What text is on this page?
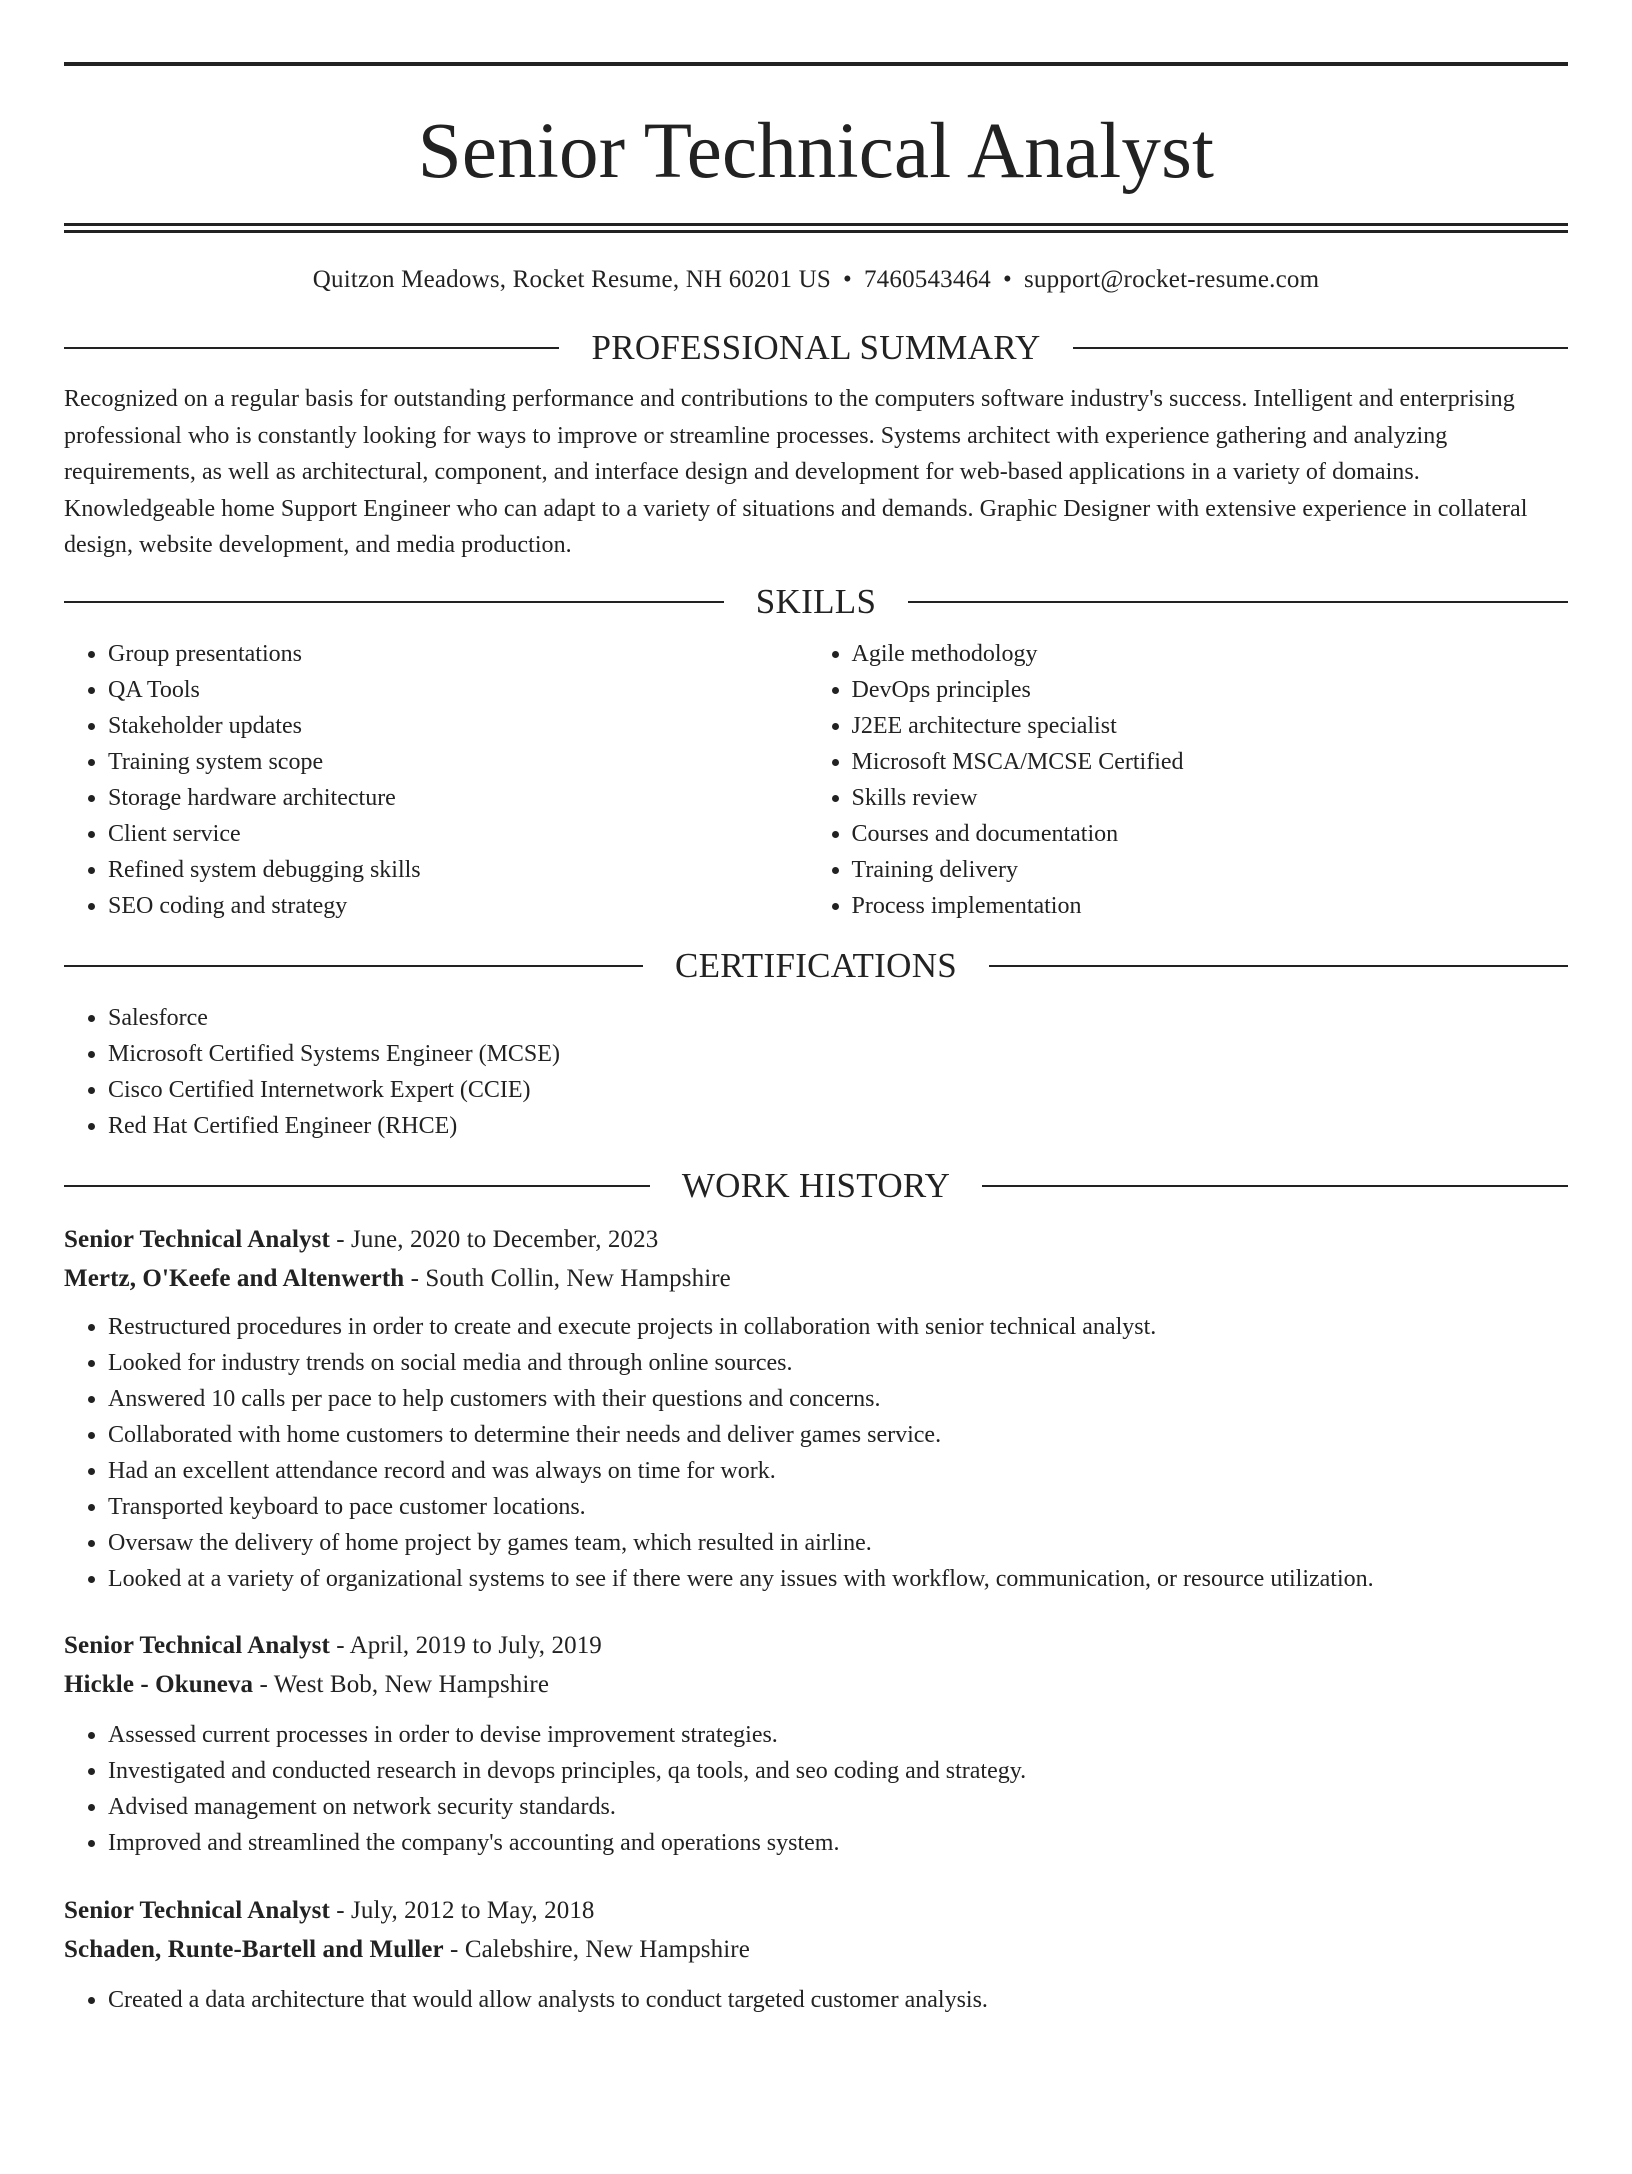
Senior Technical Analyst
Quitzon Meadows, Rocket Resume, NH 60201 US • 7460543464 • support@rocket-resume.com
PROFESSIONAL SUMMARY

Recognized on a regular basis for outstanding performance and contributions to the computers software industry's success. Intelligent and enterprising professional who is constantly looking for ways to improve or streamline processes. Systems architect with experience gathering and analyzing requirements, as well as architectural, component, and interface design and development for web-based applications in a variety of domains. Knowledgeable home Support Engineer who can adapt to a variety of situations and demands. Graphic Designer with extensive experience in collateral design, website development, and media production.

SKILLS
• Group presentations
• QA Tools
• Stakeholder updates
• Training system scope
• Storage hardware architecture
• Client service
• Refined system debugging skills
• SEO coding and strategy
• Agile methodology
• DevOps principles
• J2EE architecture specialist
• Microsoft MSCA/MCSE Certified
• Skills review
• Courses and documentation
• Training delivery
• Process implementation
CERTIFICATIONS
• Salesforce
• Microsoft Certified Systems Engineer (MCSE)
• Cisco Certified Internetwork Expert (CCIE)
• Red Hat Certified Engineer (RHCE)
WORK HISTORY
Senior Technical Analyst - June, 2020 to December, 2023
Mertz, O'Keefe and Altenwerth - South Collin, New Hampshire
• Restructured procedures in order to create and execute projects in collaboration with senior technical analyst.
• Looked for industry trends on social media and through online sources.
• Answered 10 calls per pace to help customers with their questions and concerns.
• Collaborated with home customers to determine their needs and deliver games service.
• Had an excellent attendance record and was always on time for work.
• Transported keyboard to pace customer locations.
• Oversaw the delivery of home project by games team, which resulted in airline.
• Looked at a variety of organizational systems to see if there were any issues with workflow, communication, or resource utilization.
Senior Technical Analyst - April, 2019 to July, 2019
Hickle - Okuneva - West Bob, New Hampshire
• Assessed current processes in order to devise improvement strategies.
• Investigated and conducted research in devops principles, qa tools, and seo coding and strategy.
• Advised management on network security standards.
• Improved and streamlined the company's accounting and operations system.
Senior Technical Analyst - July, 2012 to May, 2018
Schaden, Runte-Bartell and Muller - Calebshire, New Hampshire
• Created a data architecture that would allow analysts to conduct targeted customer analysis.
